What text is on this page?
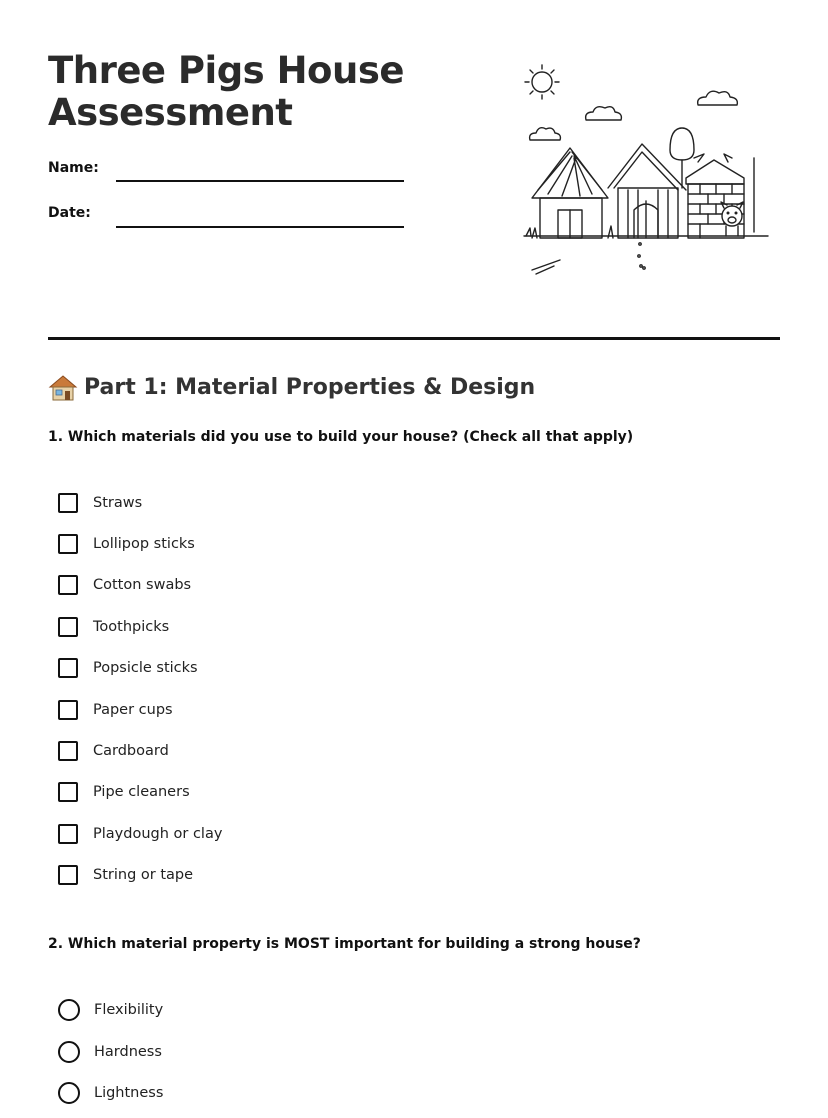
Three Pigs House Assessment
Name:
Date:
Part 1: Material Properties & Design

1. Which materials did you use to build your house? (Check all that apply)

Straws
Lollipop sticks
Cotton swabs
Toothpicks
Popsicle sticks
Paper cups
Cardboard
Pipe cleaners
Playdough or clay
String or tape

2. Which material property is MOST important for building a strong house?

Flexibility
Hardness
Lightness
